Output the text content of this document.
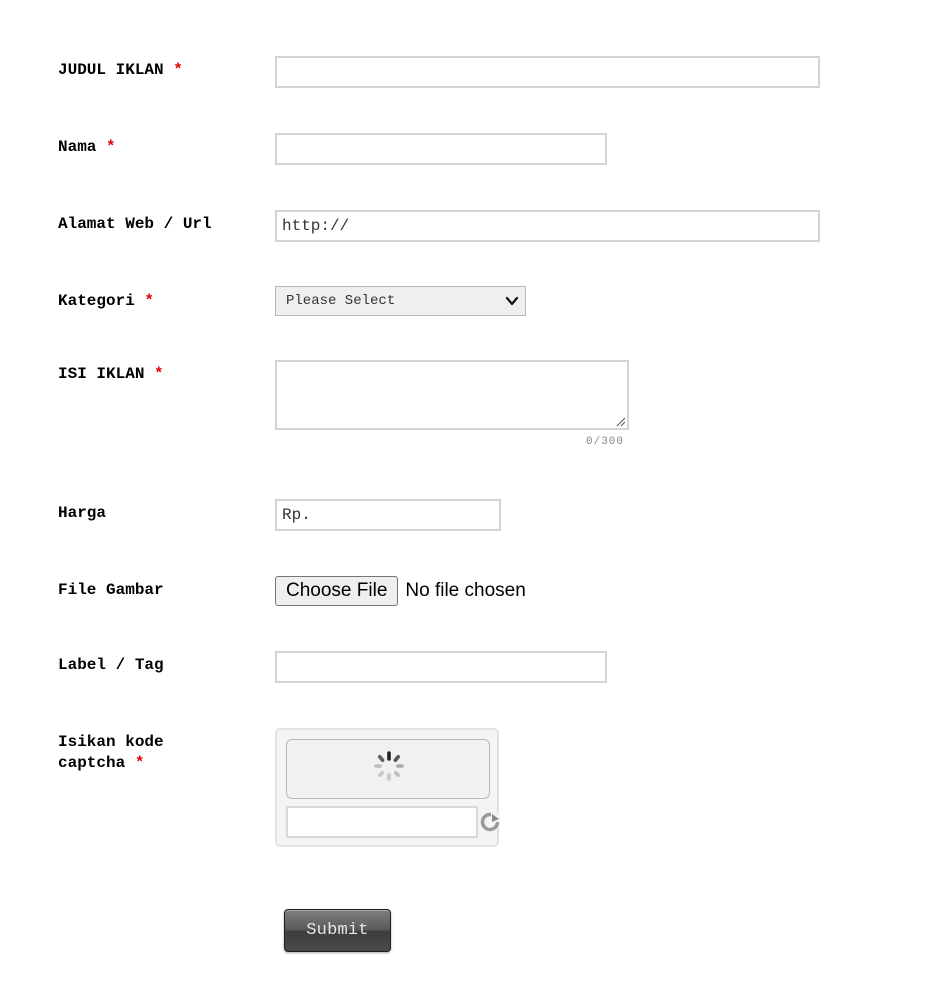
JUDUL IKLAN *
Nama *
Alamat Web / Url
http://
Kategori *	Please Select
ISI IKLAN *
0/300
Harga
Rp.
File Gambar	Choose File No file chosen
Label / Tag
Isikan kode
captcha *
Submit
